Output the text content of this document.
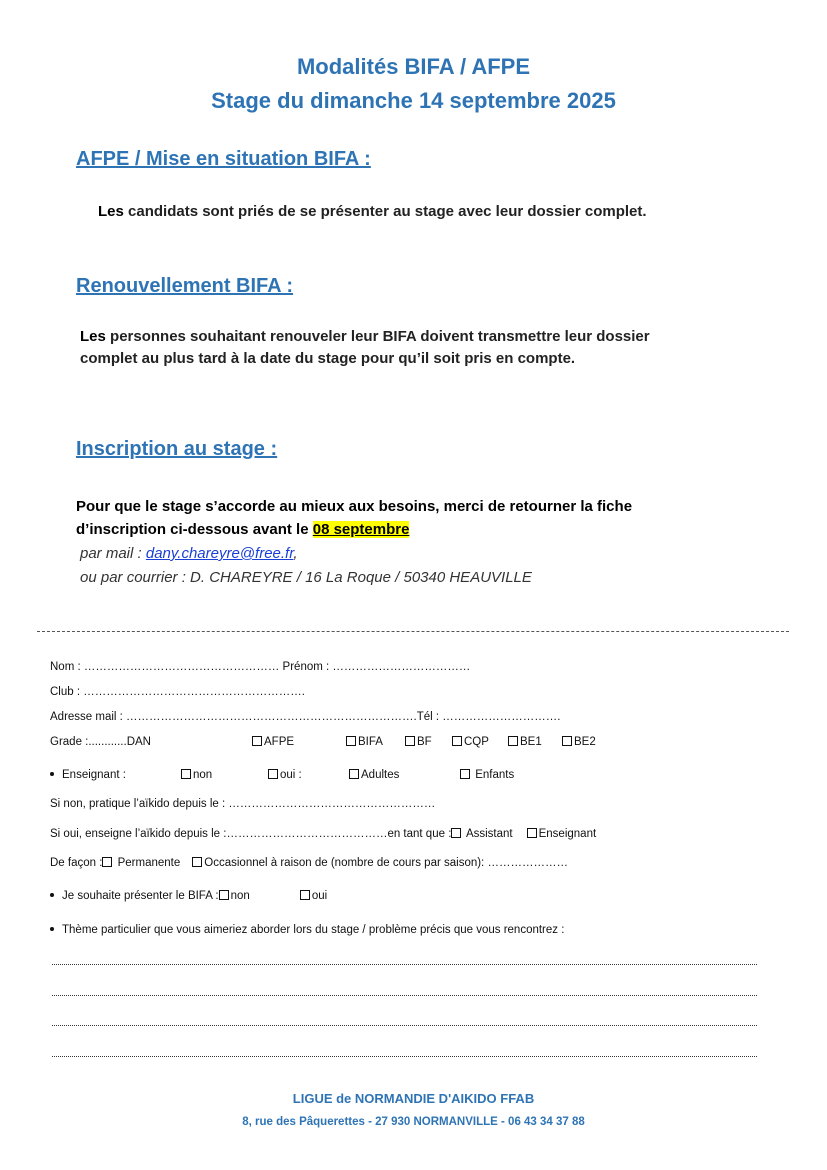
Modalités BIFA / AFPE
Stage du dimanche 14 septembre 2025
AFPE / Mise en situation BIFA :
Les candidats sont priés de se présenter au stage avec leur dossier complet.
Renouvellement BIFA :
Les personnes souhaitant renouveler leur BIFA doivent transmettre leur dossier
complet au plus tard à la date du stage pour qu’il soit pris en compte.
Inscription au stage :
Pour que le stage s’accorde au mieux aux besoins, merci de retourner la fiche
d’inscription ci-dessous avant le 08 septembre
par mail : dany.chareyre@free.fr,
ou par courrier : D. CHAREYRE / 16 La Roque / 50340 HEAUVILLE
Nom : …………………………………………… Prénom : ………………………………
Club : ………………………………………………….
Adresse mail : ………………………………………………………………….Tél : ………………………….
Grade :............DAN	AFPE	BIFA	BF	CQP	BE1	BE2
Enseignant :	non	oui :	Adultes	Enfants
Si non, pratique l’aïkido depuis le : ………………………………………………
Si oui, enseigne l’aïkido depuis le :……………………………………en tant que : Assistant Enseignant
De façon : Permanente Occasionnel à raison de (nombre de cours par saison): …………………
Je souhaite présenter le BIFA : non	oui
Thème particulier que vous aimeriez aborder lors du stage / problème précis que vous rencontrez :
LIGUE de NORMANDIE D'AIKIDO FFAB
8, rue des Pâquerettes - 27 930 NORMANVILLE - 06 43 34 37 88
